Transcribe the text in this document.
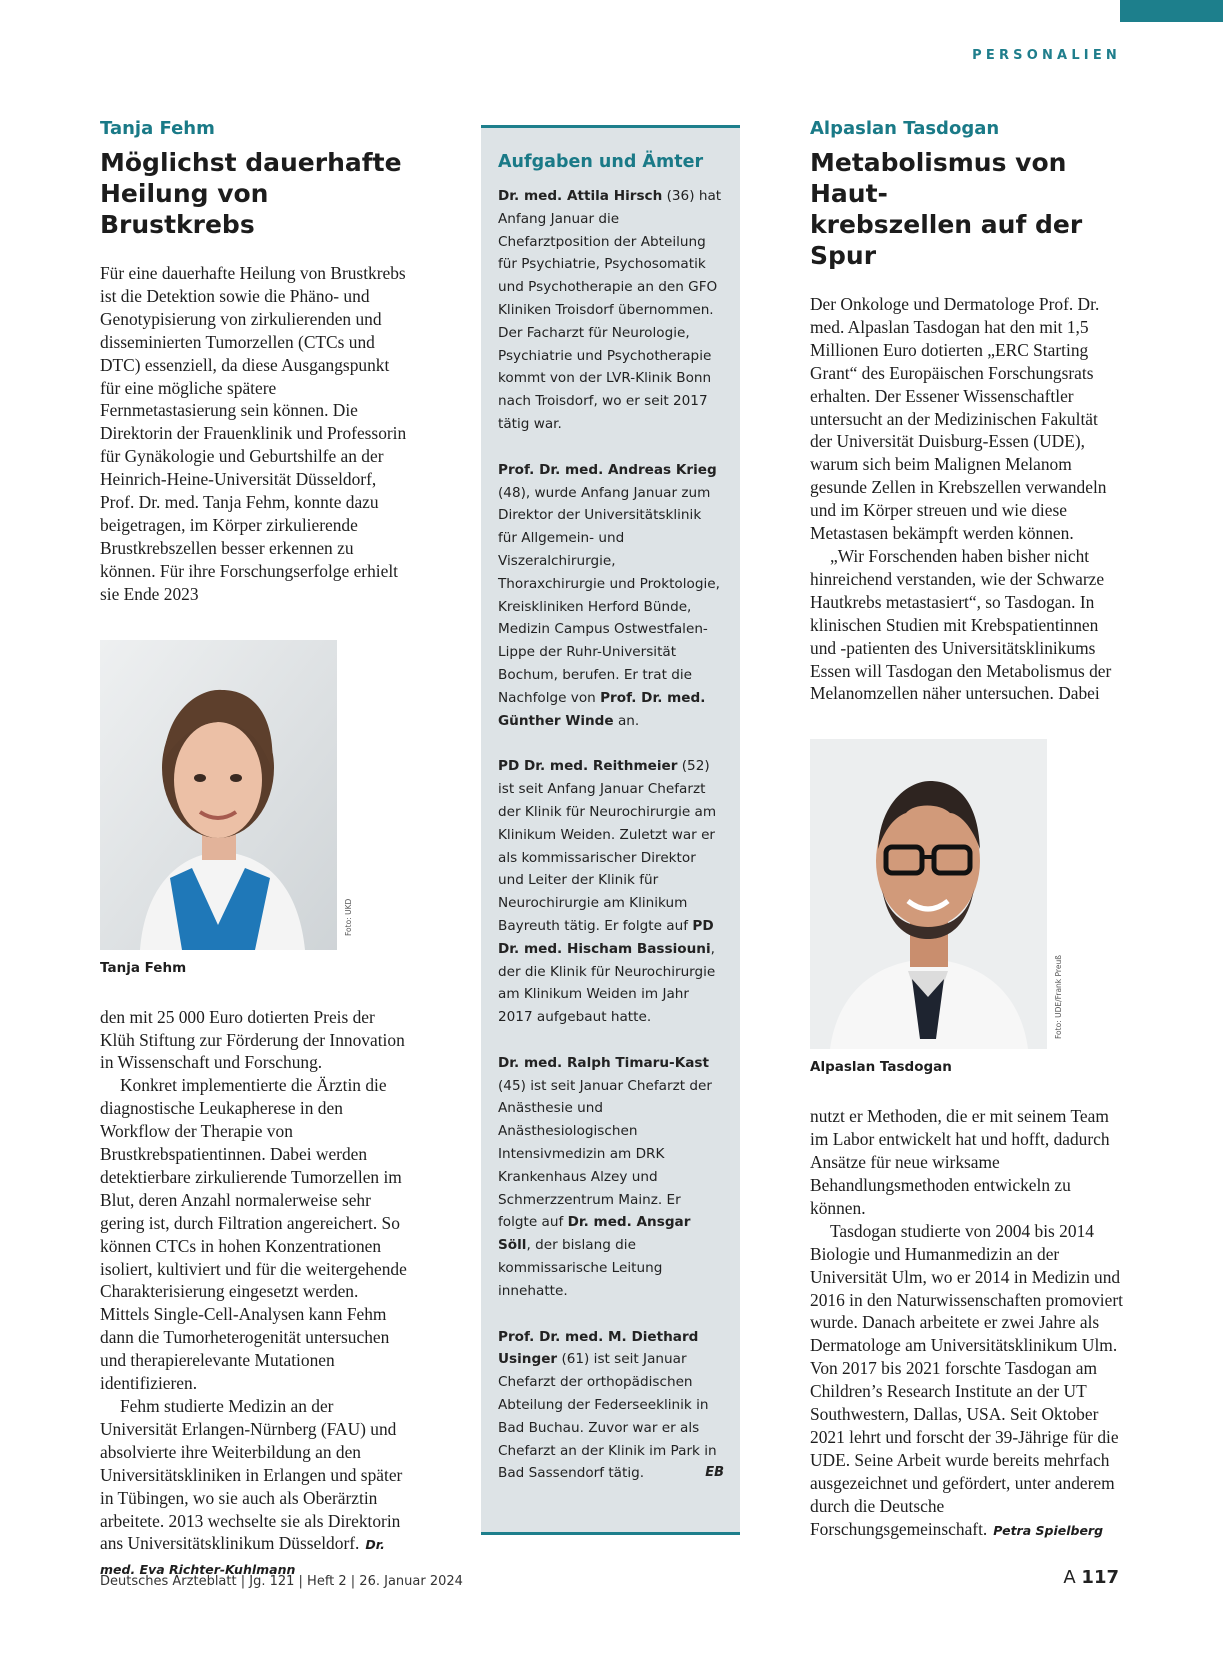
PERSONALIEN
Tanja Fehm
Möglichst dauerhafte
Heilung von Brustkrebs

Für eine dauerhafte Heilung von Brustkrebs ist die Detektion sowie die Phäno- und Genotypisierung von zirkulierenden und disseminierten Tumorzellen (CTCs und DTC) essenziell, da diese Ausgangspunkt für eine mögliche spätere Fernmetastasierung sein können. Die Direktorin der Frauenklinik und Professorin für Gynäkologie und Geburtshilfe an der Heinrich-Heine-Universität Düsseldorf, Prof. Dr. med. Tanja Fehm, konnte dazu beigetragen, im Körper zirkulierende Brustkrebszellen besser erkennen zu können. Für ihre Forschungserfolge erhielt sie Ende 2023

Foto: UKD
Tanja Fehm

den mit 25 000 Euro dotierten Preis der Klüh Stiftung zur Förderung der Innovation in Wissenschaft und Forschung.

Konkret implementierte die Ärztin die diagnostische Leukapherese in den Workflow der Therapie von Brustkrebspatientinnen. Dabei werden detektierbare zirkulierende Tumorzellen im Blut, deren Anzahl normalerweise sehr gering ist, durch Filtration angereichert. So können CTCs in hohen Konzentrationen isoliert, kultiviert und für die weitergehende Charakterisierung eingesetzt werden. Mittels Single-Cell-Analysen kann Fehm dann die Tumorheterogenität untersuchen und therapierelevante Mutationen identifizieren.

Fehm studierte Medizin an der Universität Erlangen-Nürnberg (FAU) und absolvierte ihre Weiterbildung an den Universitätskliniken in Erlangen und später in Tübingen, wo sie auch als Oberärztin arbeitete. 2013 wechselte sie als Direktorin ans Universitätsklinikum Düsseldorf. Dr. med. Eva Richter-Kuhlmann

Aufgaben und Ämter
Dr. med. Attila Hirsch (36) hat Anfang Januar die Chefarztposition der Abteilung für Psychiatrie, Psychosomatik und Psychotherapie an den GFO Kliniken Troisdorf übernommen. Der Facharzt für Neurologie, Psychiatrie und Psychotherapie kommt von der LVR-Klinik Bonn nach Troisdorf, wo er seit 2017 tätig war.
Prof. Dr. med. Andreas Krieg (48), wurde Anfang Januar zum Direktor der Universitätsklinik für Allgemein- und Viszeralchirurgie, Thoraxchirurgie und Proktologie, Kreiskliniken Herford Bünde, Medizin Campus Ostwestfalen-Lippe der Ruhr-Universität Bochum, berufen. Er trat die Nachfolge von Prof. Dr. med. Günther Winde an.
PD Dr. med. Reithmeier (52) ist seit Anfang Januar Chefarzt der Klinik für Neurochirurgie am Klinikum Weiden. Zuletzt war er als kommissarischer Direktor und Leiter der Klinik für Neurochirurgie am Klinikum Bayreuth tätig. Er folgte auf PD Dr. med. Hischam Bassiouni, der die Klinik für Neurochirurgie am Klinikum Weiden im Jahr 2017 aufgebaut hatte.
Dr. med. Ralph Timaru-Kast (45) ist seit Januar Chefarzt der Anästhesie und Anästhesiologischen Intensivmedizin am DRK Krankenhaus Alzey und Schmerzzentrum Mainz. Er folgte auf Dr. med. Ansgar Söll, der bislang die kommissarische Leitung innehatte.
Prof. Dr. med. M. Diethard Usinger (61) ist seit Januar Chefarzt der orthopädischen Abteilung der Federseeklinik in Bad Buchau. Zuvor war er als Chefarzt an der Klinik im Park in Bad Sassendorf tätig.	EB
Alpaslan Tasdogan
Metabolismus von Haut-
krebszellen auf der Spur

Der Onkologe und Dermatologe Prof. Dr. med. Alpaslan Tasdogan hat den mit 1,5 Millionen Euro dotierten „ERC Starting Grant“ des Europäischen Forschungsrats erhalten. Der Essener Wissenschaftler untersucht an der Medizinischen Fakultät der Universität Duisburg-Essen (UDE), warum sich beim Malignen Melanom gesunde Zellen in Krebszellen verwandeln und im Körper streuen und wie diese Metastasen bekämpft werden können.

„Wir Forschenden haben bisher nicht hinreichend verstanden, wie der Schwarze Hautkrebs metastasiert“, so Tasdogan. In klinischen Studien mit Krebspatientinnen und -patienten des Universitätsklinikums Essen will Tasdogan den Metabolismus der Melanomzellen näher untersuchen. Dabei

Foto: UDE/Frank Preuß
Alpaslan Tasdogan

nutzt er Methoden, die er mit seinem Team im Labor entwickelt hat und hofft, dadurch Ansätze für neue wirksame Behandlungsmethoden entwickeln zu können.

Tasdogan studierte von 2004 bis 2014 Biologie und Humanmedizin an der Universität Ulm, wo er 2014 in Medizin und 2016 in den Naturwissenschaften promoviert wurde. Danach arbeitete er zwei Jahre als Dermatologe am Universitätsklinikum Ulm. Von 2017 bis 2021 forschte Tasdogan am Children’s Research Institute an der UT Southwestern, Dallas, USA. Seit Oktober 2021 lehrt und forscht der 39-Jährige für die UDE. Seine Arbeit wurde bereits mehrfach ausgezeichnet und gefördert, unter anderem durch die Deutsche Forschungsgemeinschaft. Petra Spielberg

Deutsches Ärzteblatt | Jg. 121 | Heft 2 | 26. Januar 2024	A 117
